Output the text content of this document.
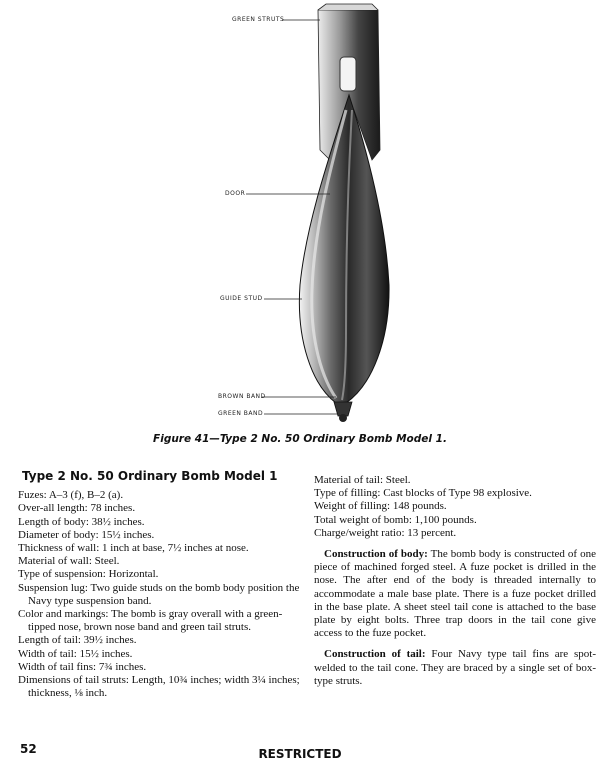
GREEN STRUTS
DOOR
GUIDE STUD
BROWN BAND
GREEN BAND
Figure 41—Type 2 No. 50 Ordinary Bomb Model 1.
Type 2 No. 50 Ordinary Bomb Model 1

Fuzes: A–3 (f), B–2 (a).

Over-all length: 78 inches.

Length of body: 38½ inches.

Diameter of body: 15½ inches.

Thickness of wall: 1 inch at base, 7½ inches at nose.

Material of wall: Steel.

Type of suspension: Horizontal.

Suspension lug: Two guide studs on the bomb body position the Navy type suspension band.

Color and markings: The bomb is gray overall with a green-tipped nose, brown nose band and green tail struts.

Length of tail: 39½ inches.

Width of tail: 15½ inches.

Width of tail fins: 7¾ inches.

Dimensions of tail struts: Length, 10¾ inches; width 3¼ inches; thickness, ⅛ inch.

Material of tail: Steel.

Type of filling: Cast blocks of Type 98 explosive.

Weight of filling: 148 pounds.

Total weight of bomb: 1,100 pounds.

Charge/weight ratio: 13 percent.

Construction of body: The bomb body is constructed of one piece of machined forged steel. A fuze pocket is drilled in the nose. The after end of the body is threaded internally to accommodate a male base plate. There is a fuze pocket drilled in the base plate. A sheet steel tail cone is attached to the base plate by eight bolts. Three trap doors in the tail cone give access to the fuze pocket.

Construction of tail: Four Navy type tail fins are spot-welded to the tail cone. They are braced by a single set of box-type struts.

52	RESTRICTED
